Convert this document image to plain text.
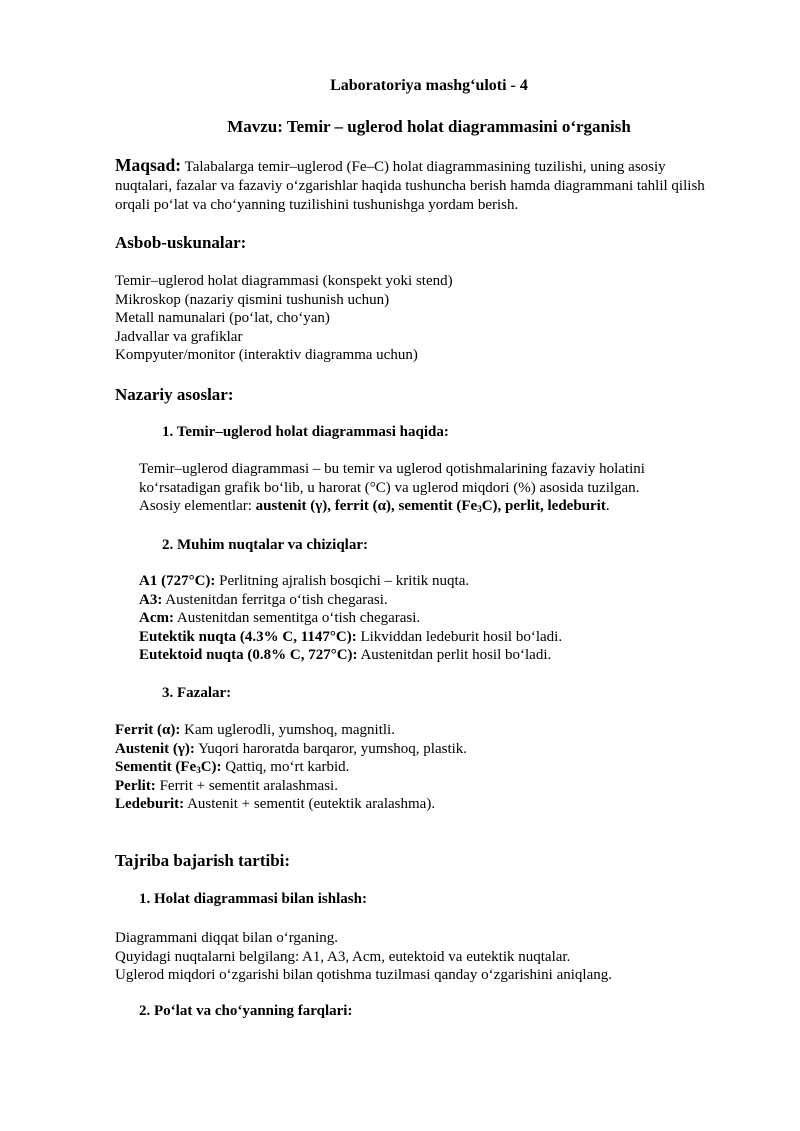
Laboratoriya mashgʻuloti - 4
Mavzu: Temir – uglerod holat diagrammasini oʻrganish
Maqsad: Talabalarga temir–uglerod (Fe–C) holat diagrammasining tuzilishi, uning asosiy nuqtalari, fazalar va fazaviy oʻzgarishlar haqida tushuncha berish hamda diagrammani tahlil qilish orqali poʻlat va choʻyanning tuzilishini tushunishga yordam berish.
Asbob-uskunalar:
Temir–uglerod holat diagrammasi (konspekt yoki stend)
Mikroskop (nazariy qismini tushunish uchun)
Metall namunalari (poʻlat, choʻyan)
Jadvallar va grafiklar
Kompyuter/monitor (interaktiv diagramma uchun)
Nazariy asoslar:
1. Temir–uglerod holat diagrammasi haqida:
Temir–uglerod diagrammasi – bu temir va uglerod qotishmalarining fazaviy holatini
koʻrsatadigan grafik boʻlib, u harorat (°C) va uglerod miqdori (%) asosida tuzilgan.
Asosiy elementlar: austenit (γ), ferrit (α), sementit $(Fe_3C)$, perlit, ledeburit.
2. Muhim nuqtalar va chiziqlar:
A1 (727°C): Perlitning ajralish bosqichi – kritik nuqta.
A3: Austenitdan ferritga oʻtish chegarasi.
Acm: Austenitdan sementitga oʻtish chegarasi.
Eutektik nuqta (4.3% C, 1147°C): Likviddan ledeburit hosil boʻladi.
Eutektoid nuqta (0.8% C, 727°C): Austenitdan perlit hosil boʻladi.
3. Fazalar:
Ferrit (α): Kam uglerodli, yumshoq, magnitli.
Austenit (γ): Yuqori haroratda barqaror, yumshoq, plastik.
Sementit $(Fe_3C)$: Qattiq, moʻrt karbid.
Perlit: Ferrit + sementit aralashmasi.
Ledeburit: Austenit + sementit (eutektik aralashma).
Tajriba bajarish tartibi:
1. Holat diagrammasi bilan ishlash:
Diagrammani diqqat bilan oʻrganing.
Quyidagi nuqtalarni belgilang: A1, A3, Acm, eutektoid va eutektik nuqtalar.
Uglerod miqdori oʻzgarishi bilan qotishma tuzilmasi qanday oʻzgarishini aniqlang.
2. Poʻlat va choʻyanning farqlari:
